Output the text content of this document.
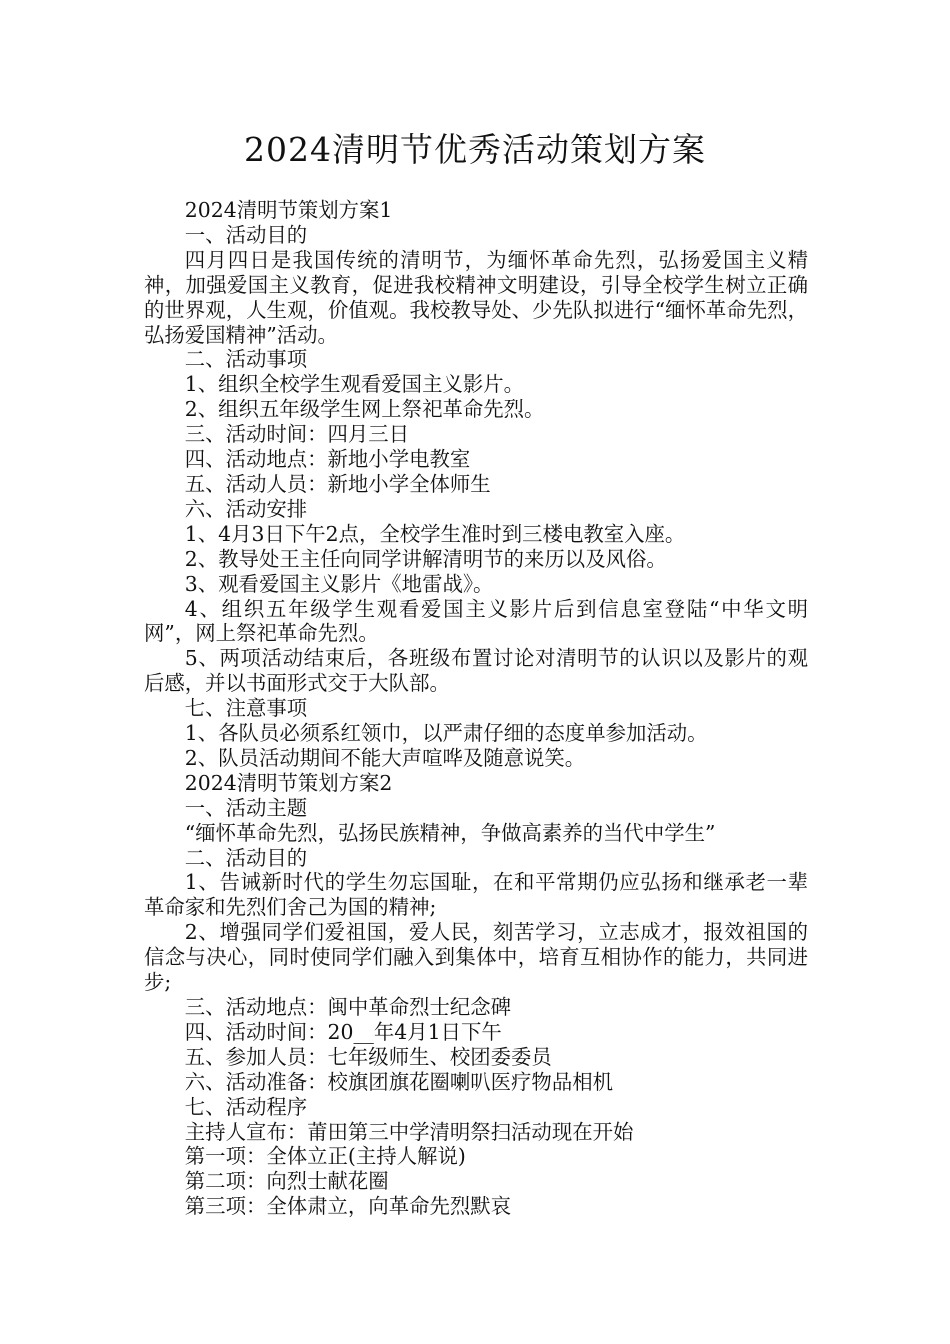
2024清明节优秀活动策划方案

2024清明节策划方案1

一、活动目的

四月四日是我国传统的清明节，为缅怀革命先烈，弘扬爱国主义精神，加强爱国主义教育，促进我校精神文明建设，引导全校学生树立正确的世界观，人生观，价值观。我校教导处、少先队拟进行“缅怀革命先烈，弘扬爱国精神”活动。

二、活动事项

1、组织全校学生观看爱国主义影片。

2、组织五年级学生网上祭祀革命先烈。

三、活动时间：四月三日

四、活动地点：新地小学电教室

五、活动人员：新地小学全体师生

六、活动安排

1、4月3日下午2点，全校学生准时到三楼电教室入座。

2、教导处王主任向同学讲解清明节的来历以及风俗。

3、观看爱国主义影片《地雷战》。

4、组织五年级学生观看爱国主义影片后到信息室登陆“中华文明网”，网上祭祀革命先烈。

5、两项活动结束后，各班级布置讨论对清明节的认识以及影片的观后感，并以书面形式交于大队部。

七、注意事项

1、各队员必须系红领巾，以严肃仔细的态度单参加活动。

2、队员活动期间不能大声喧哗及随意说笑。

2024清明节策划方案2

一、活动主题

“缅怀革命先烈，弘扬民族精神，争做高素养的当代中学生”

二、活动目的

1、告诫新时代的学生勿忘国耻，在和平常期仍应弘扬和继承老一辈革命家和先烈们舍己为国的精神;

2、增强同学们爱祖国，爱人民，刻苦学习，立志成才，报效祖国的信念与决心，同时使同学们融入到集体中，培育互相协作的能力，共同进步;

三、活动地点：闽中革命烈士纪念碑

四、活动时间：20__年4月1日下午

五、参加人员：七年级师生、校团委委员

六、活动准备：校旗团旗花圈喇叭医疗物品相机

七、活动程序

主持人宣布：莆田第三中学清明祭扫活动现在开始

第一项：全体立正(主持人解说)

第二项：向烈士献花圈

第三项：全体肃立，向革命先烈默哀
